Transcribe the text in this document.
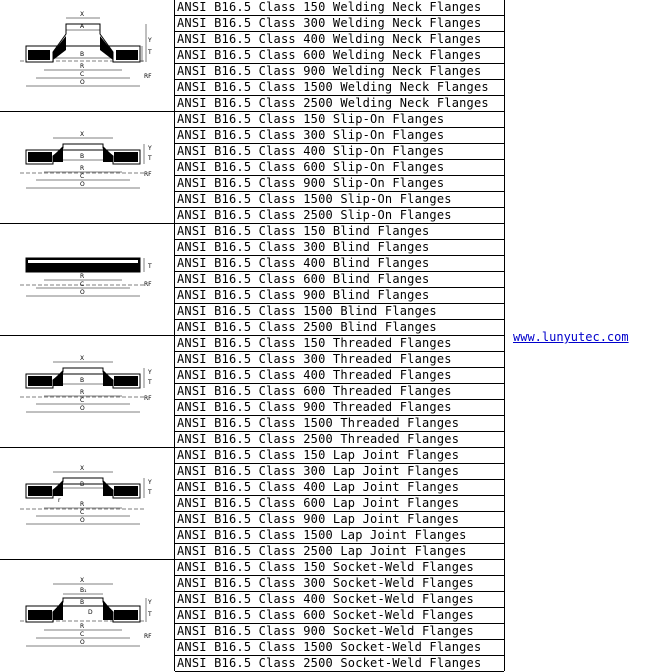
X
A
B
R
C
O
Y
T
RF
ANSI B16.5 Class 150 Welding Neck Flanges
ANSI B16.5 Class 300 Welding Neck Flanges
ANSI B16.5 Class 400 Welding Neck Flanges
ANSI B16.5 Class 600 Welding Neck Flanges
ANSI B16.5 Class 900 Welding Neck Flanges
ANSI B16.5 Class 1500 Welding Neck Flanges
ANSI B16.5 Class 2500 Welding Neck Flanges
X
B
R
C
O
Y
T
RF
ANSI B16.5 Class 150 Slip-On Flanges
ANSI B16.5 Class 300 Slip-On Flanges
ANSI B16.5 Class 400 Slip-On Flanges
ANSI B16.5 Class 600 Slip-On Flanges
ANSI B16.5 Class 900 Slip-On Flanges
ANSI B16.5 Class 1500 Slip-On Flanges
ANSI B16.5 Class 2500 Slip-On Flanges
R
C
O
T
RF
ANSI B16.5 Class 150 Blind Flanges
ANSI B16.5 Class 300 Blind Flanges
ANSI B16.5 Class 400 Blind Flanges
ANSI B16.5 Class 600 Blind Flanges
ANSI B16.5 Class 900 Blind Flanges
ANSI B16.5 Class 1500 Blind Flanges
ANSI B16.5 Class 2500 Blind Flanges
X
B
R
C
O
Y
T
RF
ANSI B16.5 Class 150 Threaded Flanges
ANSI B16.5 Class 300 Threaded Flanges
ANSI B16.5 Class 400 Threaded Flanges
ANSI B16.5 Class 600 Threaded Flanges
ANSI B16.5 Class 900 Threaded Flanges
ANSI B16.5 Class 1500 Threaded Flanges
ANSI B16.5 Class 2500 Threaded Flanges
X
B
r
R
C
O
Y
T
ANSI B16.5 Class 150 Lap Joint Flanges
ANSI B16.5 Class 300 Lap Joint Flanges
ANSI B16.5 Class 400 Lap Joint Flanges
ANSI B16.5 Class 600 Lap Joint Flanges
ANSI B16.5 Class 900 Lap Joint Flanges
ANSI B16.5 Class 1500 Lap Joint Flanges
ANSI B16.5 Class 2500 Lap Joint Flanges
X
B₁
B
D
R
C
O
Y
T
RF
ANSI B16.5 Class 150 Socket-Weld Flanges
ANSI B16.5 Class 300 Socket-Weld Flanges
ANSI B16.5 Class 400 Socket-Weld Flanges
ANSI B16.5 Class 600 Socket-Weld Flanges
ANSI B16.5 Class 900 Socket-Weld Flanges
ANSI B16.5 Class 1500 Socket-Weld Flanges
ANSI B16.5 Class 2500 Socket-Weld Flanges
www.lunyutec.com
